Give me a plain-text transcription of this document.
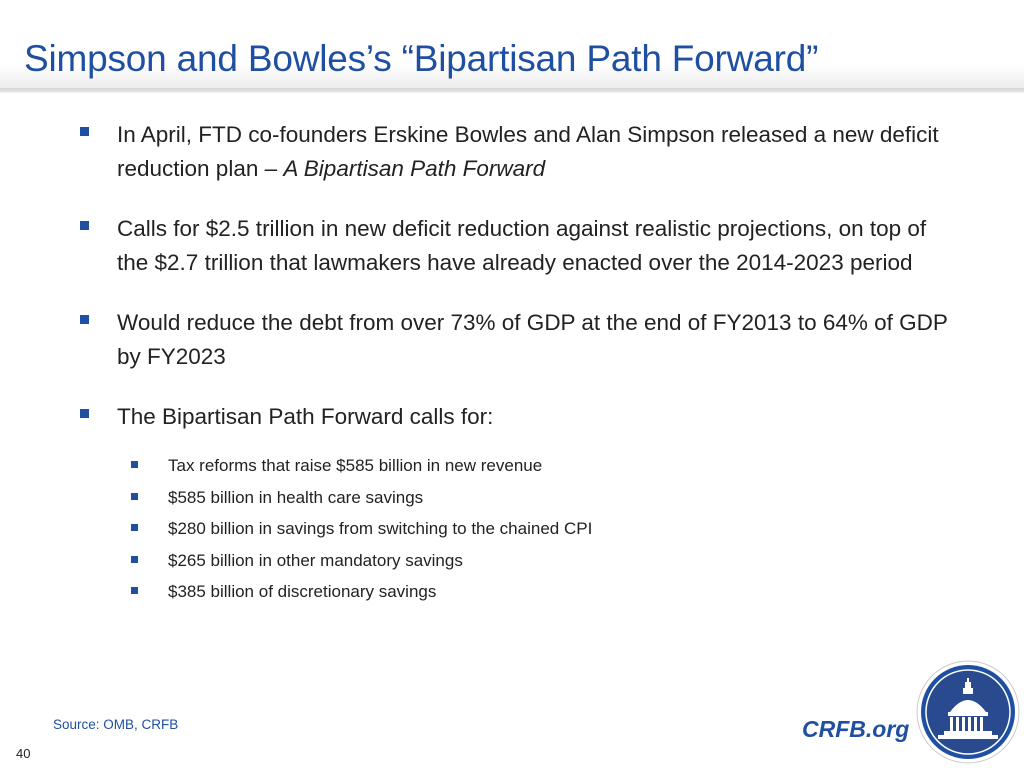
Simpson and Bowles’s “Bipartisan Path Forward”
In April, FTD co-founders Erskine Bowles and Alan Simpson released a new deficit reduction plan – A Bipartisan Path Forward
Calls for $2.5 trillion in new deficit reduction against realistic projections, on top of the $2.7 trillion that lawmakers have already enacted over the 2014-2023 period
Would reduce the debt from over 73% of GDP at the end of FY2013 to 64% of GDP by FY2023
The Bipartisan Path Forward calls for:
Tax reforms that raise $585 billion in new revenue
$585 billion in health care savings
$280 billion in savings from switching to the chained CPI
$265 billion in other mandatory savings
$385 billion of discretionary savings
Source: OMB, CRFB
40
CRFB.org
